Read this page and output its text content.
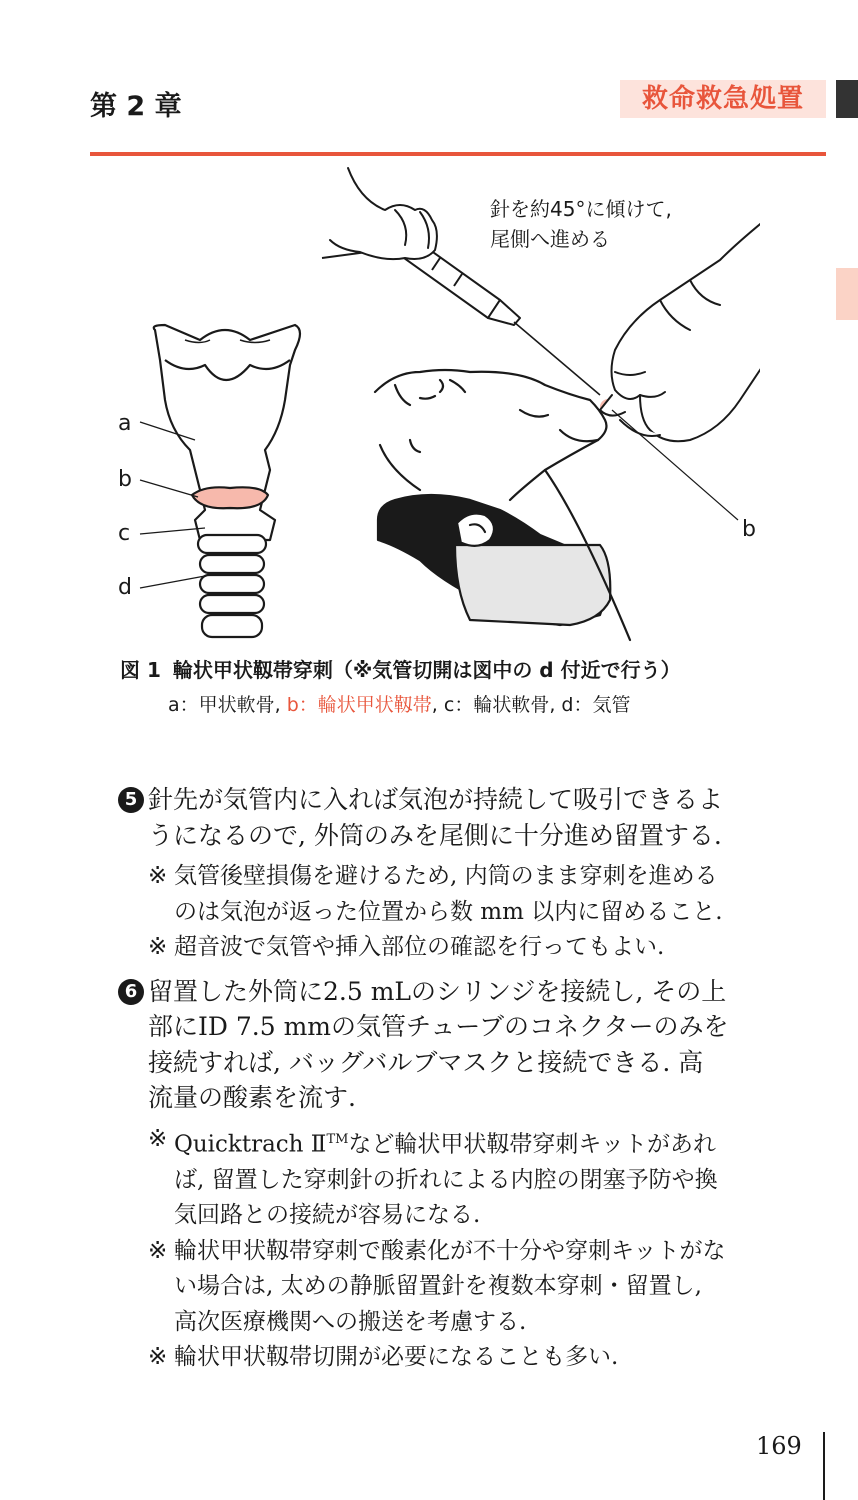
第 2 章	救命救急処置
a
b
c
d
b
針を約45°に傾けて,
尾側へ進める
図 1 輪状甲状靱帯穿刺（※気管切開は図中の d 付近で行う）
a：甲状軟骨, b：輪状甲状靱帯, c：輪状軟骨, d：気管
5 針先が気管内に入れば気泡が持続して吸引できるよ
うになるので, 外筒のみを尾側に十分進め留置する.
※ 気管後壁損傷を避けるため, 内筒のまま穿刺を進める
のは気泡が返った位置から数 mm 以内に留めること.
※ 超音波で気管や挿入部位の確認を行ってもよい.
6 留置した外筒に2.5 mLのシリンジを接続し, その上
部にID 7.5 mmの気管チューブのコネクターのみを
接続すれば, バッグバルブマスクと接続できる. 高
流量の酸素を流す.
※ Quicktrach Ⅱ™など輪状甲状靱帯穿刺キットがあれ
ば, 留置した穿刺針の折れによる内腔の閉塞予防や換
気回路との接続が容易になる.
※ 輪状甲状靱帯穿刺で酸素化が不十分や穿刺キットがな
い場合は, 太めの静脈留置針を複数本穿刺・留置し,
高次医療機関への搬送を考慮する.
※ 輪状甲状靱帯切開が必要になることも多い.
169
